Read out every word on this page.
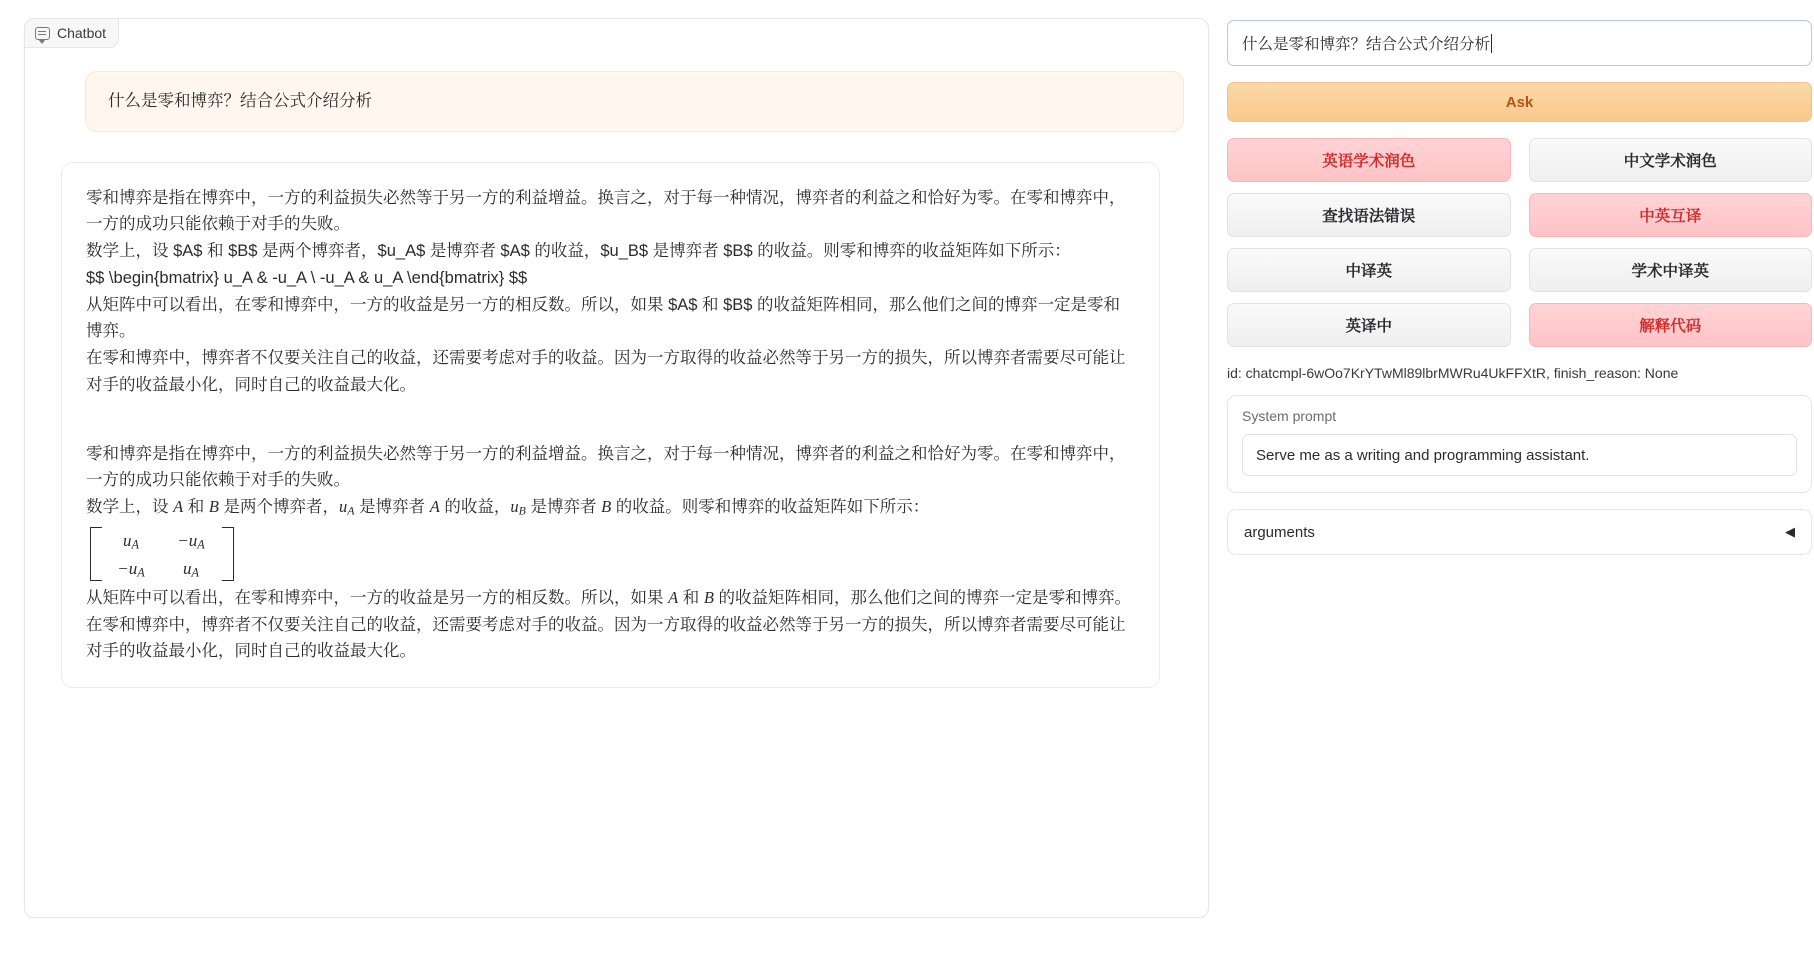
Chatbot
什么是零和博弈？结合公式介绍分析

零和博弈是指在博弈中，一方的利益损失必然等于另一方的利益增益。换言之，对于每一种情况，博弈者的利益之和恰好为零。在零和博弈中，一方的成功只能依赖于对手的失败。

数学上，设 $A$ 和 $B$ 是两个博弈者，$u_A$ 是博弈者 $A$ 的收益，$u_B$ 是博弈者 $B$ 的收益。则零和博弈的收益矩阵如下所示：

$$ \begin{bmatrix} u_A & -u_A \ -u_A & u_A \end{bmatrix} $$

从矩阵中可以看出，在零和博弈中，一方的收益是另一方的相反数。所以，如果 $A$ 和 $B$ 的收益矩阵相同，那么他们之间的博弈一定是零和博弈。

在零和博弈中，博弈者不仅要关注自己的收益，还需要考虑对手的收益。因为一方取得的收益必然等于另一方的损失，所以博弈者需要尽可能让对手的收益最小化，同时自己的收益最大化。

零和博弈是指在博弈中，一方的利益损失必然等于另一方的利益增益。换言之，对于每一种情况，博弈者的利益之和恰好为零。在零和博弈中，一方的成功只能依赖于对手的失败。

数学上，设 A 和 B 是两个博弈者，uA 是博弈者 A 的收益，uB 是博弈者 B 的收益。则零和博弈的收益矩阵如下所示：

uA −uA
−uA uA

从矩阵中可以看出，在零和博弈中，一方的收益是另一方的相反数。所以，如果 A 和 B 的收益矩阵相同，那么他们之间的博弈一定是零和博弈。

在零和博弈中，博弈者不仅要关注自己的收益，还需要考虑对手的收益。因为一方取得的收益必然等于另一方的损失，所以博弈者需要尽可能让对手的收益最小化，同时自己的收益最大化。

什么是零和博弈？结合公式介绍分析
Ask
英语学术润色	中文学术润色
查找语法错误	中英互译
中译英	学术中译英
英译中	解释代码
id: chatcmpl-6wOo7KrYTwMl89lbrMWRu4UkFFXtR, finish_reason: None
System prompt
Serve me as a writing and programming assistant.
arguments	◀
